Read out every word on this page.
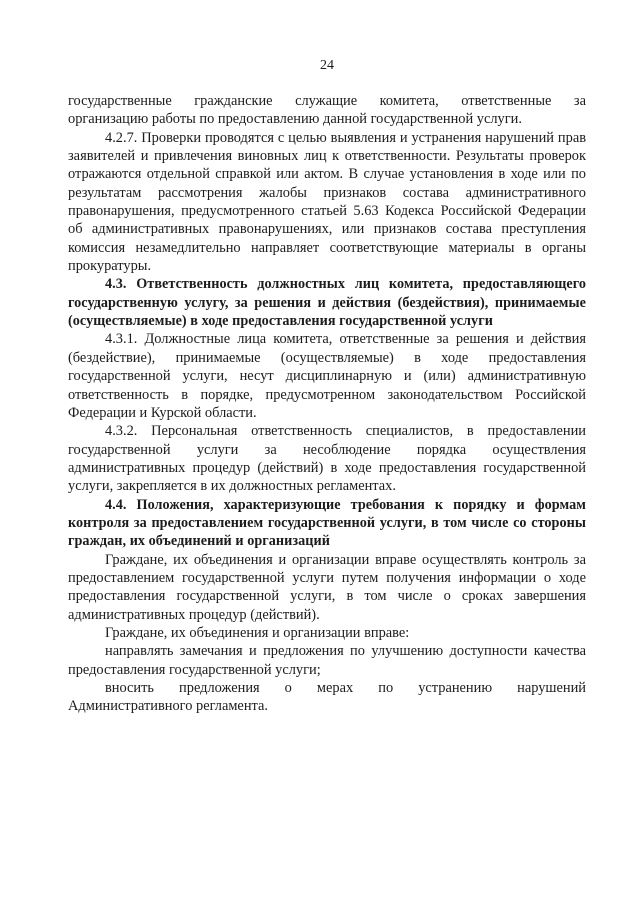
24

государственные гражданские служащие комитета, ответственные за

организацию работы по предоставлению данной государственной услуги.

4.2.7. Проверки проводятся с целью выявления и устранения нарушений прав заявителей и привлечения виновных лиц к ответственности. Результаты проверок отражаются отдельной справкой или актом. В случае установления в ходе или по результатам рассмотрения жалобы признаков состава административного правонарушения, предусмотренного статьей 5.63 Кодекса Российской Федерации об административных правонарушениях, или признаков состава преступления комиссия незамедлительно направляет соответствующие материалы в органы прокуратуры.

4.3. Ответственность должностных лиц комитета, предоставляющего государственную услугу, за решения и действия (бездействия), принимаемые (осуществляемые) в ходе предоставления государственной услуги

4.3.1. Должностные лица комитета, ответственные за решения и действия (бездействие), принимаемые (осуществляемые) в ходе предоставления государственной услуги, несут дисциплинарную и (или) административную ответственность в порядке, предусмотренном законодательством Российской Федерации и Курской области.

4.3.2. Персональная ответственность специалистов, в предоставлении государственной услуги за несоблюдение порядка осуществления административных процедур (действий) в ходе предоставления государственной услуги, закрепляется в их должностных регламентах.

4.4. Положения, характеризующие требования к порядку и формам контроля за предоставлением государственной услуги, в том числе со стороны граждан, их объединений и организаций

Граждане, их объединения и организации вправе осуществлять контроль за предоставлением государственной услуги путем получения информации о ходе предоставления государственной услуги, в том числе о сроках завершения административных процедур (действий).

Граждане, их объединения и организации вправе:

направлять замечания и предложения по улучшению доступности качества предоставления государственной услуги;

вносить предложения о мерах по устранению нарушений

Административного регламента.
